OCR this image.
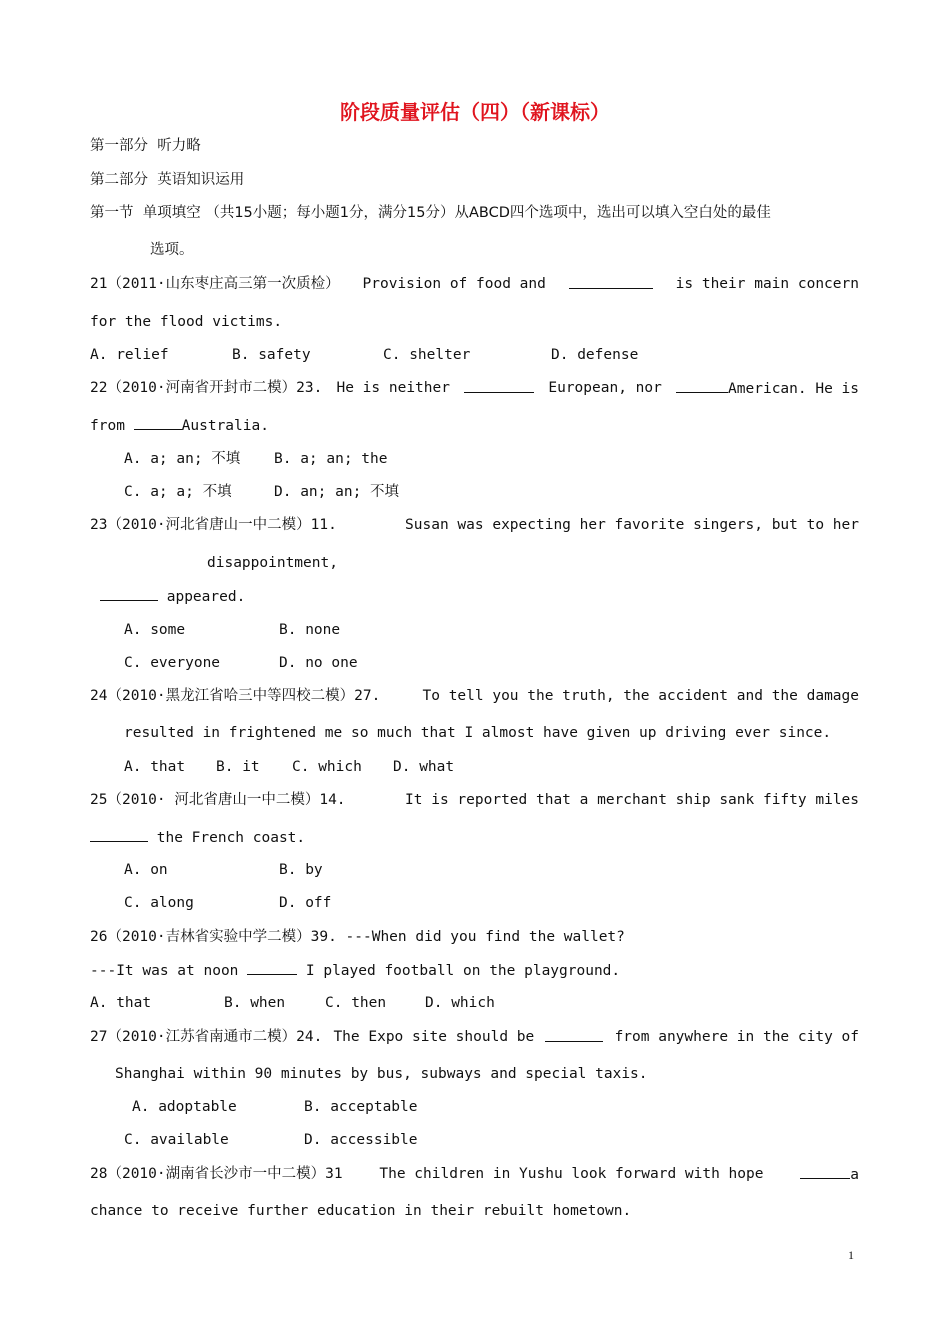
阶段质量评估（四）（新课标）
第一部分  听力略
第二部分  英语知识运用
第一节  单项填空 （共15小题；每小题1分，满分15分）从ABCD四个选项中，选出可以填入空白处的最佳
选项。
21（2011·山东枣庄高三第一次质检） Provision of food and	is their main concern
for the flood victims.
A. relief	B. safety	C. shelter	D. defense
22（2010·河南省开封市二模）23. He is neither	European, nor	American. He is
from	Australia.
A. a; an; 不填 B. a; an; the
C. a; a; 不填	D. an; an; 不填
23（2010·河北省唐山一中二模）11.	Susan was expecting her favorite singers, but to her
disappointment,
appeared.
A. some	B. none
C. everyone	D. no one
24（2010·黑龙江省哈三中等四校二模）27.	To tell you the truth, the accident and the damage
resulted in frightened me so much that I almost have given up driving ever since.
A. that B. it C. which D. what
25（2010· 河北省唐山一中二模）14.	It is reported that a merchant ship sank fifty miles
the French coast.
A. on	B. by
C. along	D. off
26（2010·吉林省实验中学二模）39. ---When did you find the wallet?
---It was at noon	I played football on the playground.
A. that	B. when	C. then	D. which
27（2010·江苏省南通市二模）24. The Expo site should be	from anywhere in the city of
Shanghai within 90 minutes by bus, subways and special taxis.
A. adoptable	B. acceptable
C. available	D. accessible
28（2010·湖南省长沙市一中二模）31	The children in Yushu look forward with hope	a
chance to receive further education in their rebuilt hometown.
1
